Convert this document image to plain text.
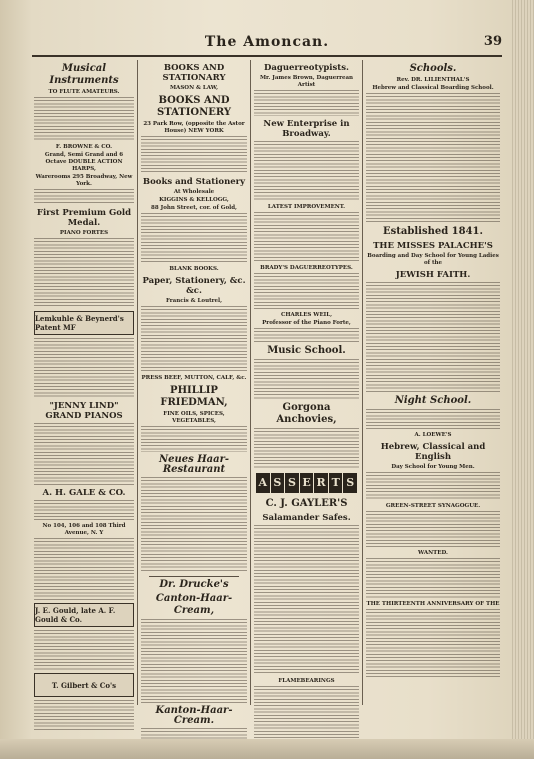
The Amoncan.	39
Musical Instruments
TO FLUTE AMATEURS.
F. BROWNE & CO.
Grand, Semi Grand and 6 Octave DOUBLE ACTION HARPS,
Warerooms 295 Broadway, New York.
First Premium Gold Medal.
PIANO FORTES
Lemkuhle & Beynerd's Patent MF
"JENNY LIND" GRAND PIANOS
A. H. GALE & CO.
No 104, 106 and 108 Third Avenue, N. Y
J. E. Gould, late A. F. Gould & Co.
T. Gilbert & Co's
BOOKS AND STATIONARY
MASON & LAW,
BOOKS AND STATIONERY
23 Park Row, (opposite the Astor House) NEW YORK
Books and Stationery
At Wholesale
KIGGINS & KELLOGG,
88 John Street, cor. of Gold,
BLANK BOOKS.
Paper, Stationery, &c. &c.
Francis & Loutrel,
PRESS BEEF, MUTTON, CALF, &c.
PHILLIP FRIEDMAN,
FINE OILS, SPICES, VEGETABLES,
Neues Haar-Restaurant
Dr. Drucke's
Canton-Haar-Cream,
Kanton-Haar-Cream.
Daguerreotypists.
Mr. James Brown, Daguerrean Artist
New Enterprise in Broadway.
LATEST IMPROVEMENT.
BRADY'S DAGUERREOTYPES.
CHARLES WEIL,
Professor of the Piano Forte,
Music School.
Gorgona Anchovies,
A S S E R T S
C. J. GAYLER'S
Salamander Safes.
FLAMEBEARINGS
Schools.
Rev. DR. LILIENTHAL'S
Hebrew and Classical Boarding School.
Established 1841.
THE MISSES PALACHE'S
Boarding and Day School for Young Ladies of the
JEWISH FAITH.
Night School.
A. LOEWE'S
Hebrew, Classical and English
Day School for Young Men.
GREEN-STREET SYNAGOGUE.
WANTED.
THE THIRTEENTH ANNIVERSARY OF THE
